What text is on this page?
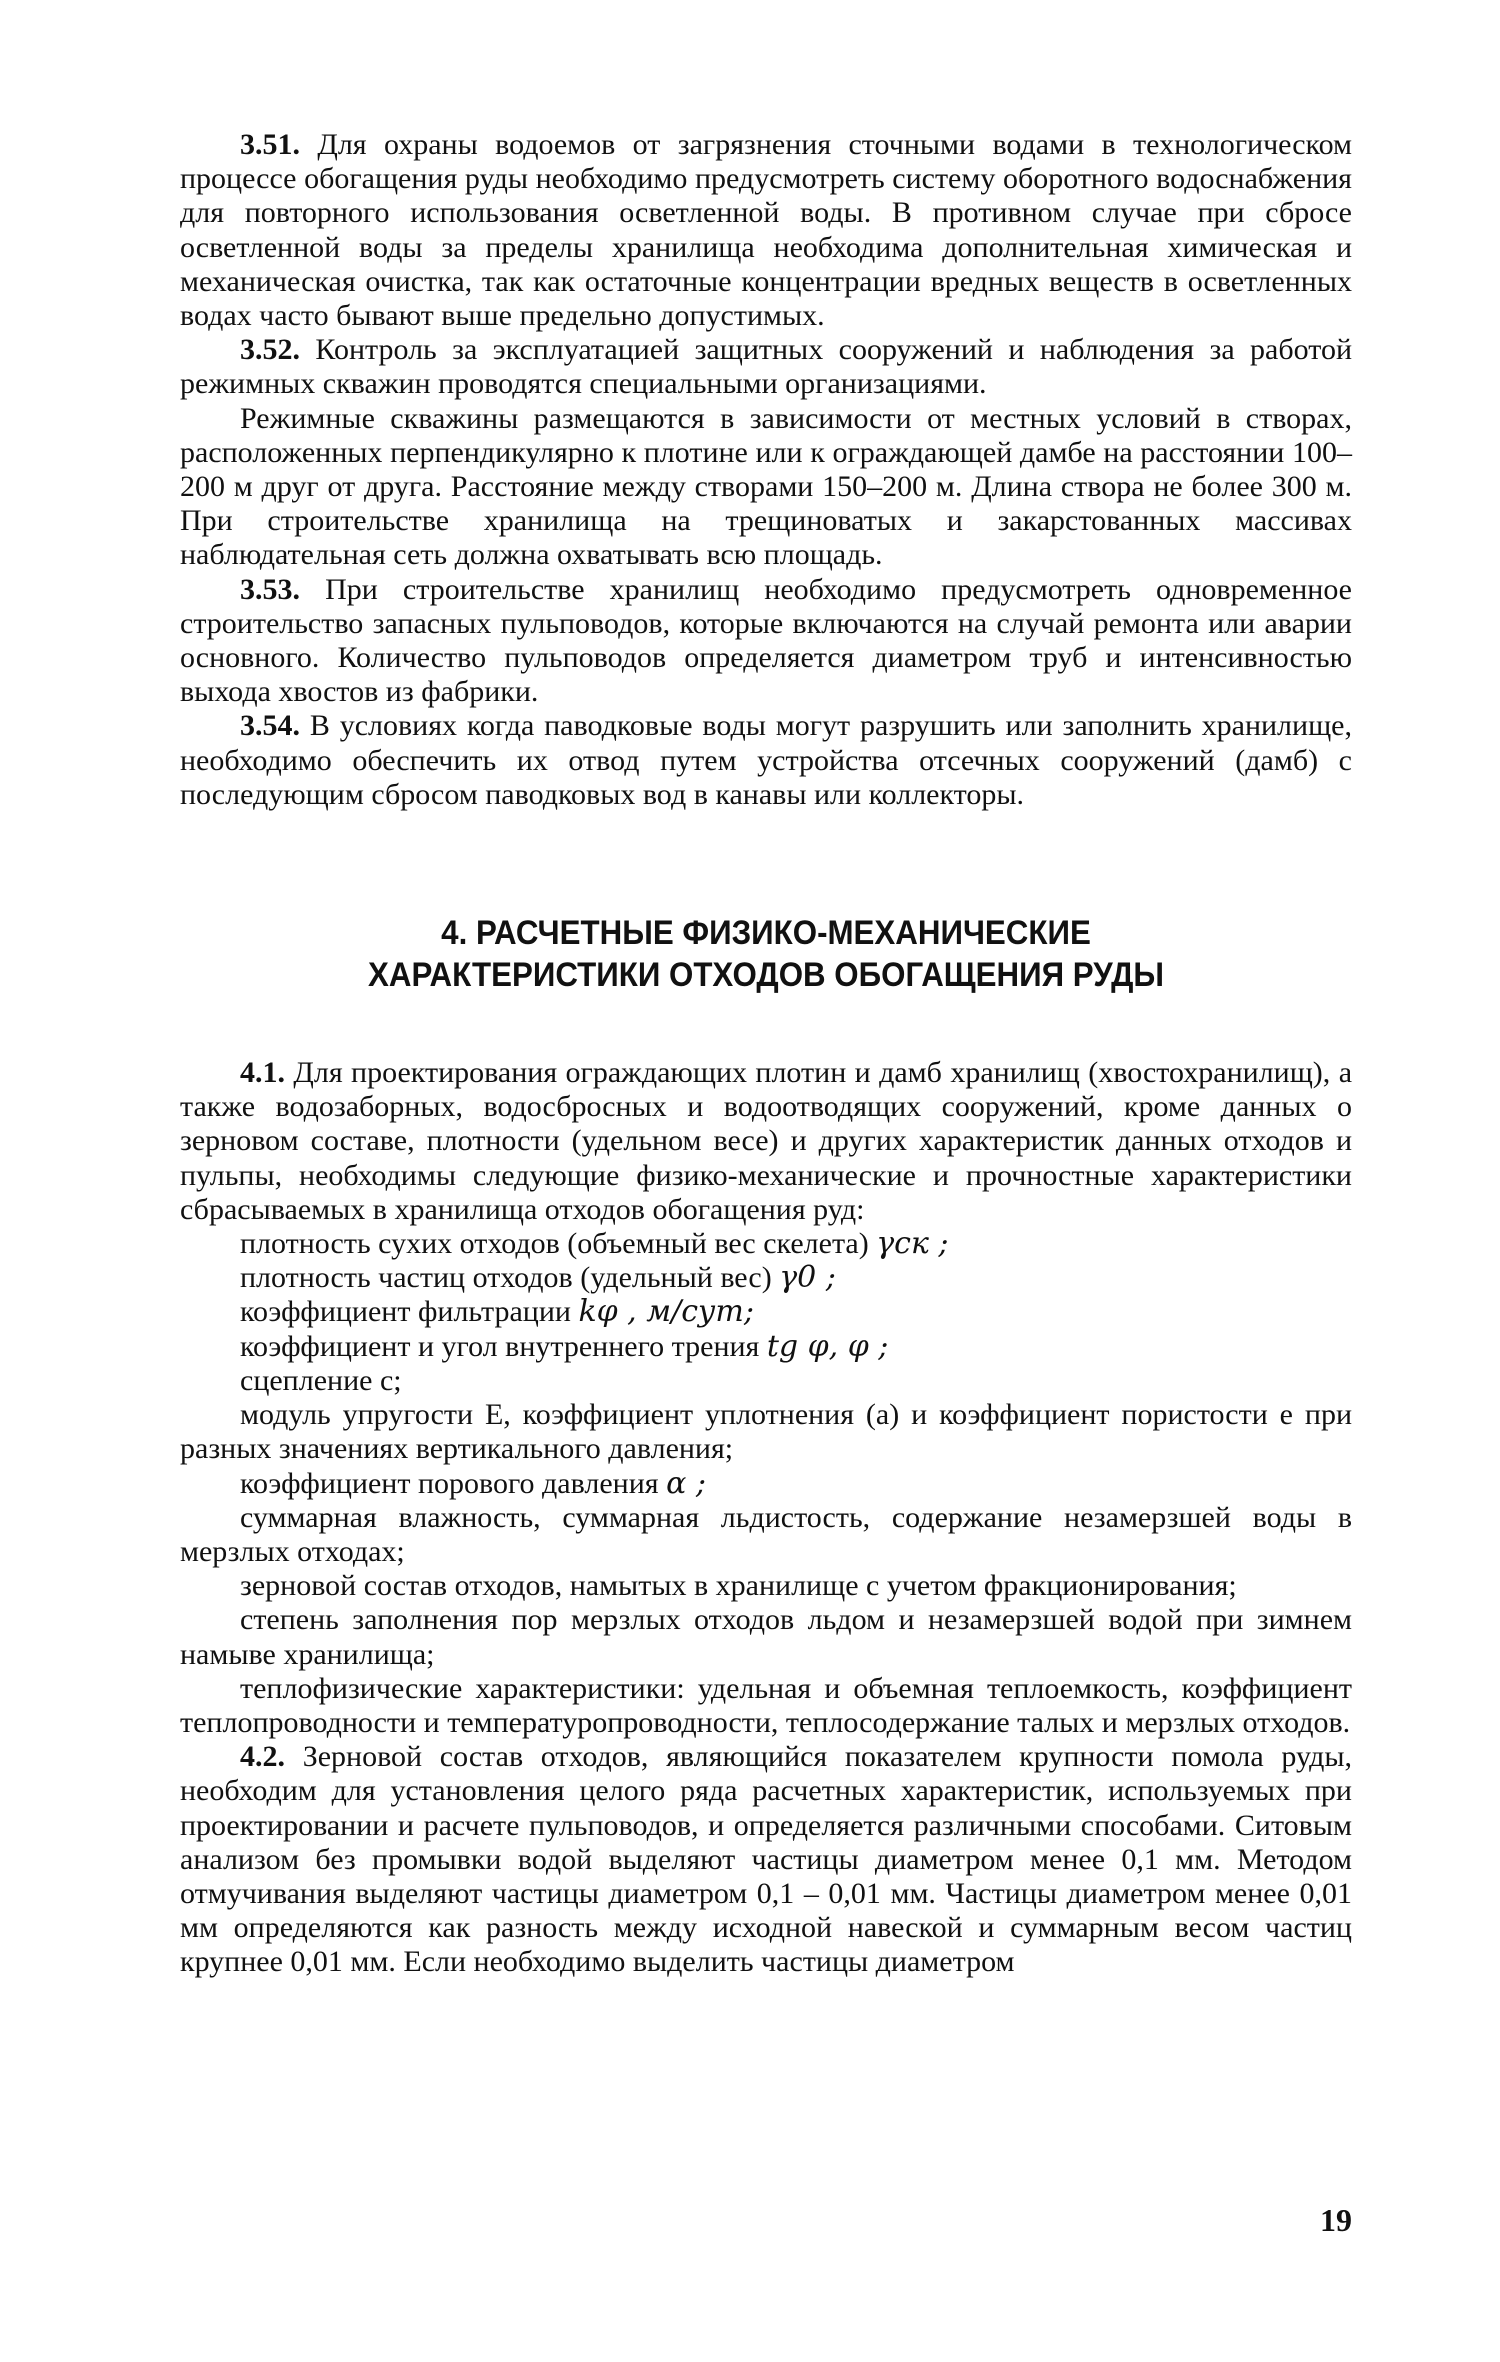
3.51. Для охраны водоемов от загрязнения сточными водами в технологическом процессе обогащения руды необходимо предусмотреть систему оборотного водоснабжения для повторного использования осветленной воды. В противном случае при сбросе осветленной воды за пределы хранилища необходима дополнительная химическая и механическая очистка, так как остаточные концентрации вредных веществ в осветленных водах часто бывают выше предельно допустимых.

3.52. Контроль за эксплуатацией защитных сооружений и наблюдения за работой режимных скважин проводятся специальными организациями.

Режимные скважины размещаются в зависимости от местных условий в створах, расположенных перпендикулярно к плотине или к ограждающей дамбе на расстоянии 100–200 м друг от друга. Расстояние между створами 150–200 м. Длина створа не более 300 м. При строительстве хранилища на трещиноватых и закарстованных массивах наблюдательная сеть должна охватывать всю площадь.

3.53. При строительстве хранилищ необходимо предусмотреть одновременное строительство запасных пульповодов, которые включаются на случай ремонта или аварии основного. Количество пульповодов определяется диаметром труб и интенсивностью выхода хвостов из фабрики.

3.54. В условиях когда паводковые воды могут разрушить или заполнить хранилище, необходимо обеспечить их отвод путем устройства отсечных сооружений (дамб) с последующим сбросом паводковых вод в канавы или коллекторы.

4. РАСЧЕТНЫЕ ФИЗИКО-МЕХАНИЧЕСКИЕ
ХАРАКТЕРИСТИКИ ОТХОДОВ ОБОГАЩЕНИЯ РУДЫ

4.1. Для проектирования ограждающих плотин и дамб хранилищ (хвостохранилищ), а также водозаборных, водосбросных и водоотводящих сооружений, кроме данных о зерновом составе, плотности (удельном весе) и других характеристик данных отходов и пульпы, необходимы следующие физико-механические и прочностные характеристики сбрасываемых в хранилища отходов обогащения руд:

плотность сухих отходов (объемный вес скелета) γск ;

плотность частиц отходов (удельный вес) γ0 ;

коэффициент фильтрации kφ , м/сут;

коэффициент и угол внутреннего трения tg φ, φ ;

сцепление с;

модуль упругости E, коэффициент уплотнения (a) и коэффициент пористости e при разных значениях вертикального давления;

коэффициент порового давления α ;

суммарная влажность, суммарная льдистость, содержание незамерзшей воды в мерзлых отходах;

зерновой состав отходов, намытых в хранилище с учетом фракционирования;

степень заполнения пор мерзлых отходов льдом и незамерзшей водой при зимнем намыве хранилища;

теплофизические характеристики: удельная и объемная теплоемкость, коэффициент теплопроводности и температуропроводности, теплосодержание талых и мерзлых отходов.

4.2. Зерновой состав отходов, являющийся показателем крупности помола руды, необходим для установления целого ряда расчетных характеристик, используемых при проектировании и расчете пульповодов, и определяется различными способами. Ситовым анализом без промывки водой выделяют частицы диаметром менее 0,1 мм. Методом отмучивания выделяют частицы диаметром 0,1 – 0,01 мм. Частицы диаметром менее 0,01 мм определяются как разность между исходной навеской и суммарным весом частиц крупнее 0,01 мм. Если необходимо выделить частицы диаметром

19
